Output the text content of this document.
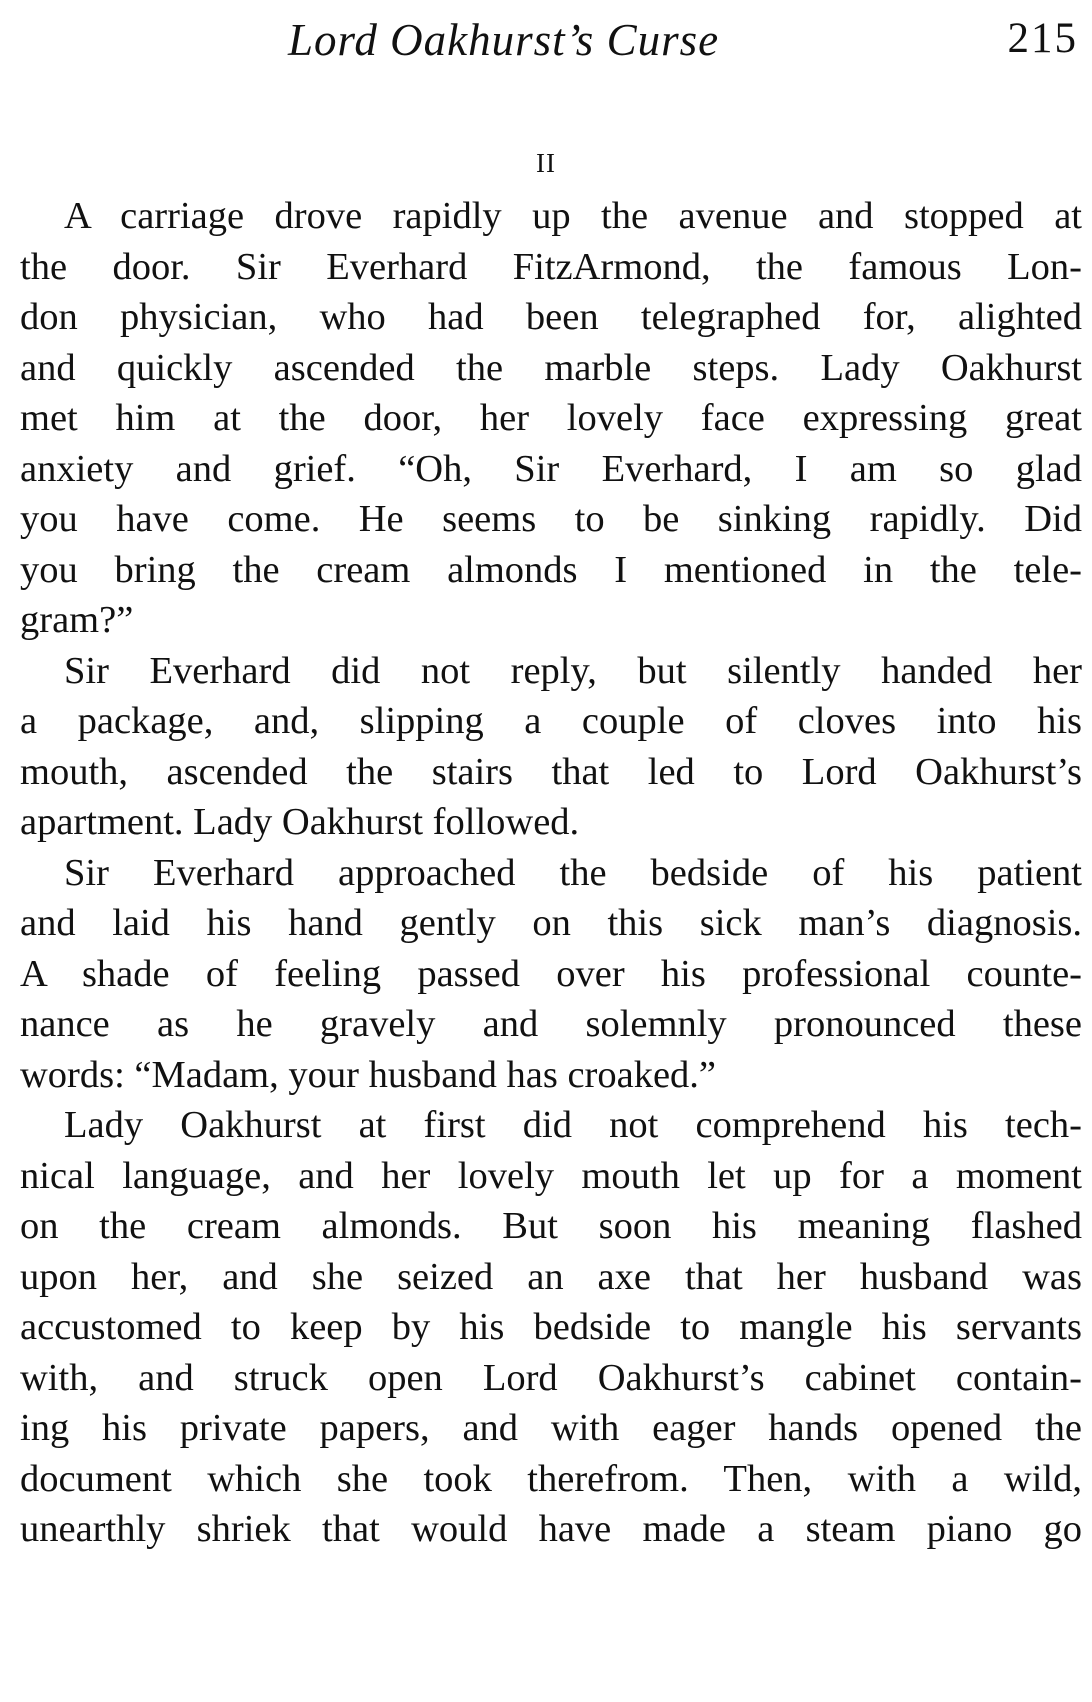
Lord Oakhurst’s Curse	215
II
A carriage drove rapidly up the avenue and stopped at
the door. Sir Everhard FitzArmond, the famous Lon-
don physician, who had been telegraphed for, alighted
and quickly ascended the marble steps. Lady Oakhurst
met him at the door, her lovely face expressing great
anxiety and grief. “Oh, Sir Everhard, I am so glad
you have come. He seems to be sinking rapidly. Did
you bring the cream almonds I mentioned in the tele-
gram?”
Sir Everhard did not reply, but silently handed her
a package, and, slipping a couple of cloves into his
mouth, ascended the stairs that led to Lord Oakhurst’s
apartment. Lady Oakhurst followed.
Sir Everhard approached the bedside of his patient
and laid his hand gently on this sick man’s diagnosis.
A shade of feeling passed over his professional counte-
nance as he gravely and solemnly pronounced these
words: “Madam, your husband has croaked.”
Lady Oakhurst at first did not comprehend his tech-
nical language, and her lovely mouth let up for a moment
on the cream almonds. But soon his meaning flashed
upon her, and she seized an axe that her husband was
accustomed to keep by his bedside to mangle his servants
with, and struck open Lord Oakhurst’s cabinet contain-
ing his private papers, and with eager hands opened the
document which she took therefrom. Then, with a wild,
unearthly shriek that would have made a steam piano go
